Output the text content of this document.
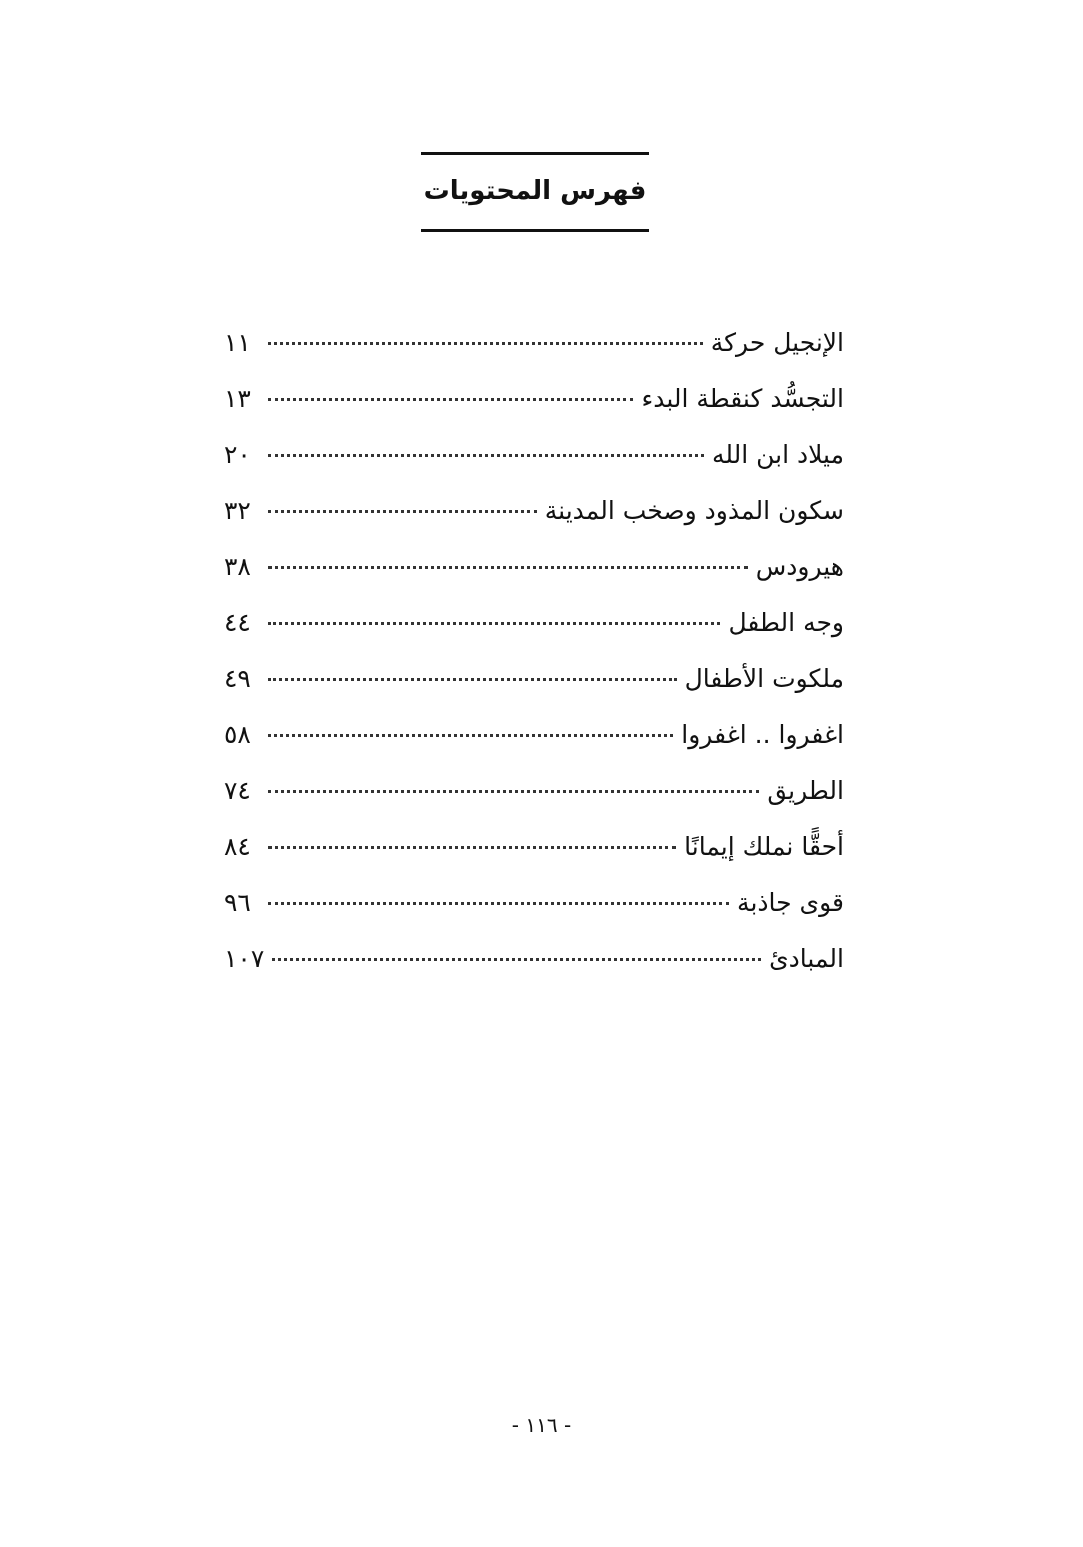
فهرس المحتويات
الإنجيل حركة
١١
التجسُّد كنقطة البدء
١٣
ميلاد ابن الله
٢٠
سكون المذود وصخب المدينة
٣٢
هيرودس
٣٨
وجه الطفل
٤٤
ملكوت الأطفال
٤٩
اغفروا .. اغفروا
٥٨
الطريق
٧٤
أحقًّا نملك إيمانًا
٨٤
قوى جاذبة
٩٦
المبادئ
١٠٧
- ١١٦ -
